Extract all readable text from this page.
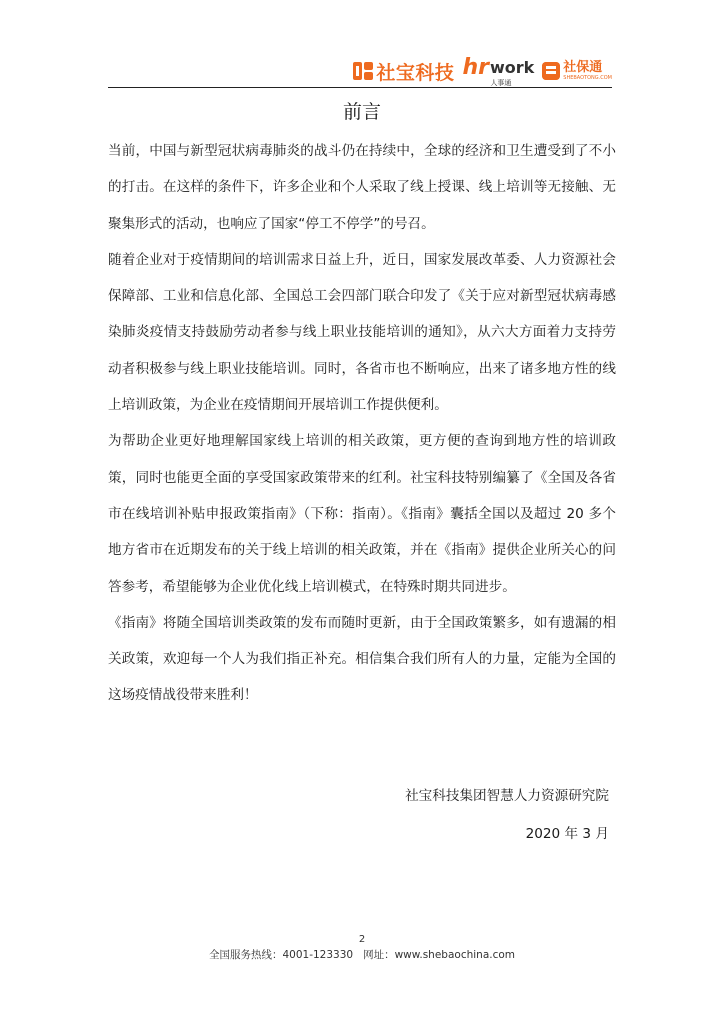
社宝科技 hr work
人事通
社保通
SHEBAOTONG.COM
前言

当前，中国与新型冠状病毒肺炎的战斗仍在持续中，全球的经济和卫生遭受到了不小的打击。在这样的条件下，许多企业和个人采取了线上授课、线上培训等无接触、无聚集形式的活动，也响应了国家“停工不停学”的号召。

随着企业对于疫情期间的培训需求日益上升，近日，国家发展改革委、人力资源社会保障部、工业和信息化部、全国总工会四部门联合印发了《关于应对新型冠状病毒感染肺炎疫情支持鼓励劳动者参与线上职业技能培训的通知》，从六大方面着力支持劳动者积极参与线上职业技能培训。同时，各省市也不断响应，出来了诸多地方性的线上培训政策，为企业在疫情期间开展培训工作提供便利。

为帮助企业更好地理解国家线上培训的相关政策，更方便的查询到地方性的培训政策，同时也能更全面的享受国家政策带来的红利。社宝科技特别编纂了《全国及各省市在线培训补贴申报政策指南》（下称：指南）。《指南》囊括全国以及超过 20 多个地方省市在近期发布的关于线上培训的相关政策，并在《指南》提供企业所关心的问答参考，希望能够为企业优化线上培训模式，在特殊时期共同进步。

《指南》将随全国培训类政策的发布而随时更新，由于全国政策繁多，如有遗漏的相关政策，欢迎每一个人为我们指正补充。相信集合我们所有人的力量，定能为全国的这场疫情战役带来胜利！

社宝科技集团智慧人力资源研究院
2020 年 3 月
2
全国服务热线：4001-123330 网址：www.shebaochina.com
